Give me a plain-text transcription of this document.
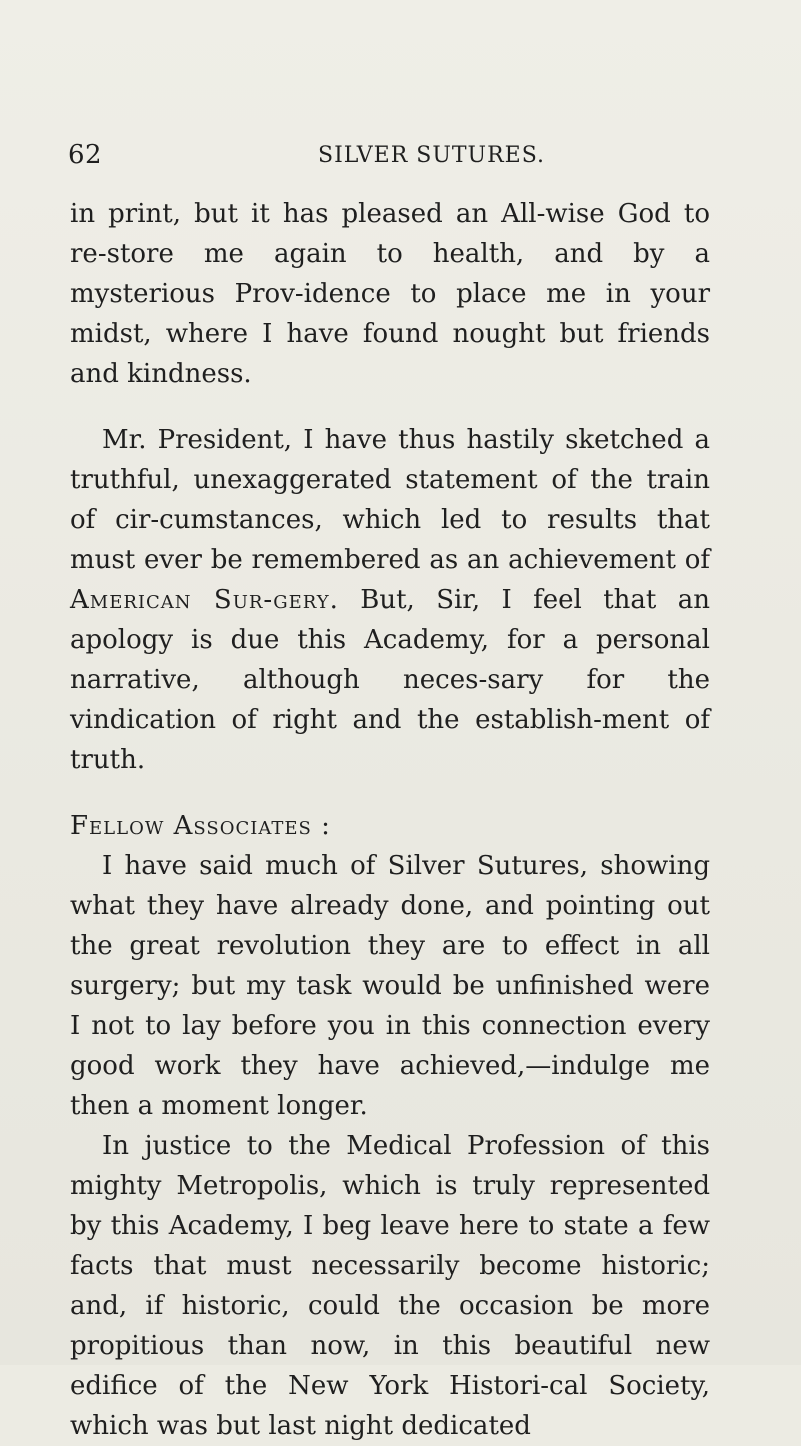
62	SILVER SUTURES.

in print, but it has pleased an All-wise God to re-store me again to health, and by a mysterious Prov-idence to place me in your midst, where I have found nought but friends and kindness.

Mr. President, I have thus hastily sketched a truthful, unexaggerated statement of the train of cir-cumstances, which led to results that must ever be remembered as an achievement of American Sur-gery. But, Sir, I feel that an apology is due this Academy, for a personal narrative, although neces-sary for the vindication of right and the establish-ment of truth.

Fellow Associates :

I have said much of Silver Sutures, showing what they have already done, and pointing out the great revolution they are to effect in all surgery; but my task would be unfinished were I not to lay before you in this connection every good work they have achieved,—indulge me then a moment longer.

In justice to the Medical Profession of this mighty Metropolis, which is truly represented by this Academy, I beg leave here to state a few facts that must necessarily become historic; and, if historic, could the occasion be more propitious than now, in this beautiful new edifice of the New York Histori-cal Society, which was but last night dedicated
